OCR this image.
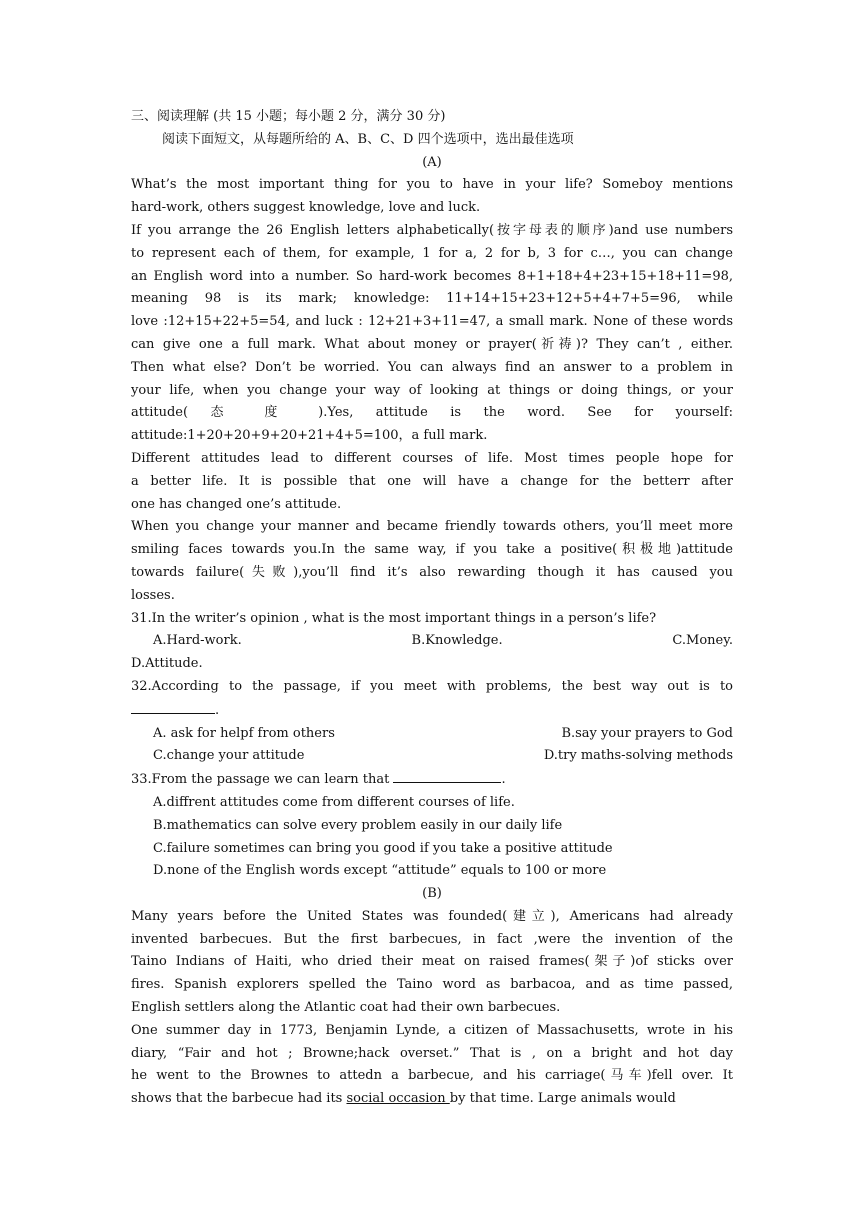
三、阅读理解 (共 15 小题；每小题 2 分，满分 30 分)
阅读下面短文，从每题所给的 A、B、C、D 四个选项中，选出最佳选项
(A)
What’s the most important thing for you to have in your life? Someboy mentions
hard-work, others suggest knowledge, love and luck.
If you arrange the 26 English letters alphabetically(按字母表的顺序)and use numbers
to represent each of them, for example, 1 for a, 2 for b, 3 for c…, you can change
an English word into a number. So hard-work becomes 8+1+18+4+23+15+18+11=98,
meaning 98 is its mark; knowledge: 11+14+15+23+12+5+4+7+5=96, while
love :12+15+22+5=54, and luck : 12+21+3+11=47, a small mark. None of these words
can give one a full mark. What about money or prayer(祈祷)? They can’t , either.
Then what else? Don’t be worried. You can always find an answer to a problem in
your life, when you change your way of looking at things or doing things, or your
attitude( 态 度 ).Yes, attitude is the word. See for yourself:
attitude:1+20+20+9+20+21+4+5=100，a full mark.
Different attitudes lead to different courses of life. Most times people hope for
a better life. It is possible that one will have a change for the betterr after
one has changed one’s attitude.
When you change your manner and became friendly towards others, you’ll meet more
smiling faces towards you.In the same way, if you take a positive(积极地)attitude
towards failure(失败),you’ll find it’s also rewarding though it has caused you
losses.
31.In the writer’s opinion , what is the most important things in a person’s life?
A.Hard-work.	B.Knowledge.	C.Money.
D.Attitude.
32.According to the passage, if you meet with problems, the best way out is to
.
A. ask for helpf from others	B.say your prayers to God
C.change your attitude	D.try maths-solving methods
33.From the passage we can learn that	.
A.diffrent attitudes come from different courses of life.
B.mathematics can solve every problem easily in our daily life
C.failure sometimes can bring you good if you take a positive attitude
D.none of the English words except “attitude” equals to 100 or more
(B)
Many years before the United States was founded(建立), Americans had already
invented barbecues. But the first barbecues, in fact ,were the invention of the
Taino Indians of Haiti, who dried their meat on raised frames(架子)of sticks over
fires. Spanish explorers spelled the Taino word as barbacoa, and as time passed,
English settlers along the Atlantic coat had their own barbecues.
One summer day in 1773, Benjamin Lynde, a citizen of Massachusetts, wrote in his
diary, “Fair and hot ; Browne;hack overset.” That is , on a bright and hot day
he went to the Brownes to attedn a barbecue, and his carriage(马车)fell over. It
shows that the barbecue had its social occasion by that time. Large animals would
